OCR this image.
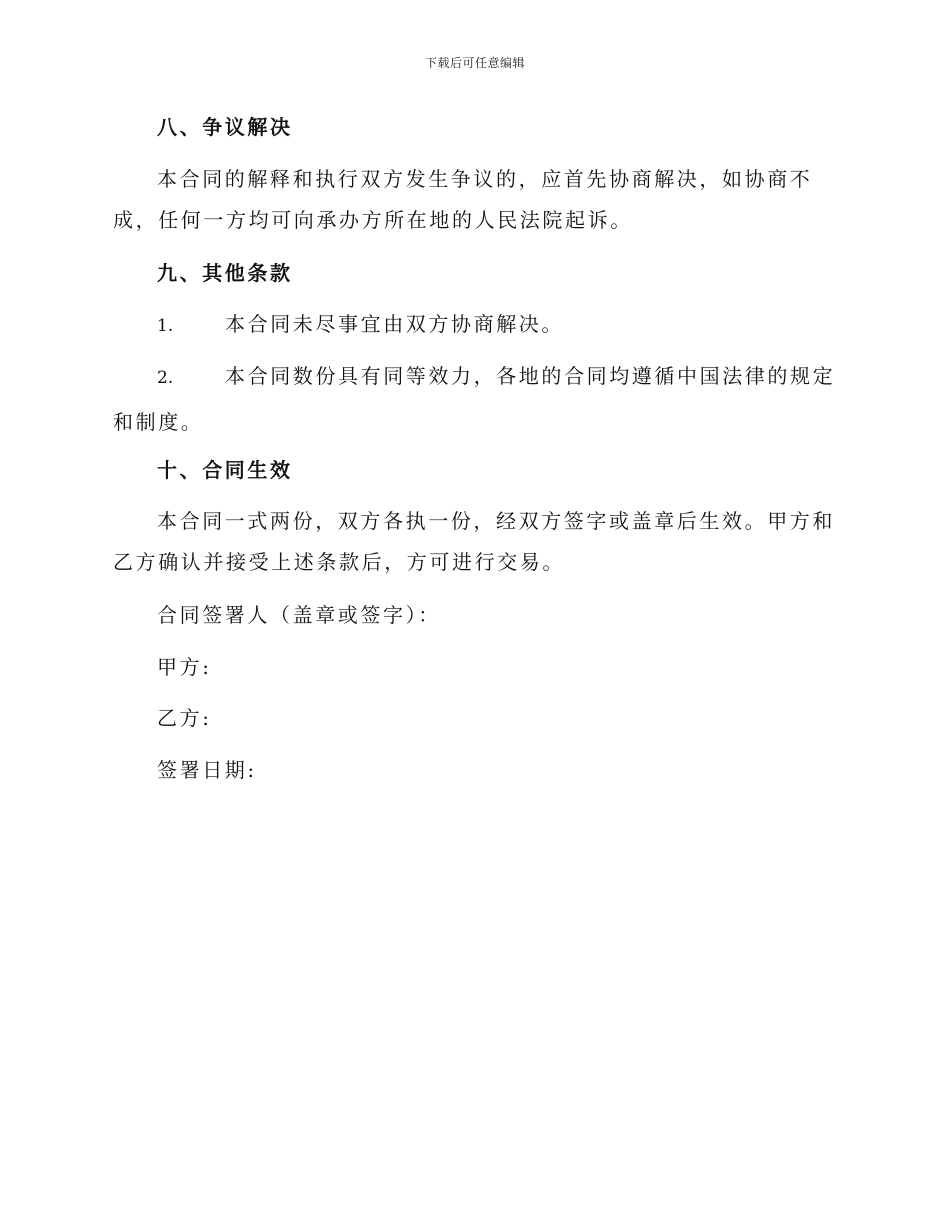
下载后可任意编辑
八、争议解决
本合同的解释和执行双方发生争议的，应首先协商解决，如协商不成，任何一方均可向承办方所在地的人民法院起诉。
九、其他条款
1.	本合同未尽事宜由双方协商解决。
2.	本合同数份具有同等效力，各地的合同均遵循中国法律的规定和制度。
十、合同生效
本合同一式两份，双方各执一份，经双方签字或盖章后生效。甲方和乙方确认并接受上述条款后，方可进行交易。
合同签署人（盖章或签字）：
甲方:
乙方:
签署日期:
